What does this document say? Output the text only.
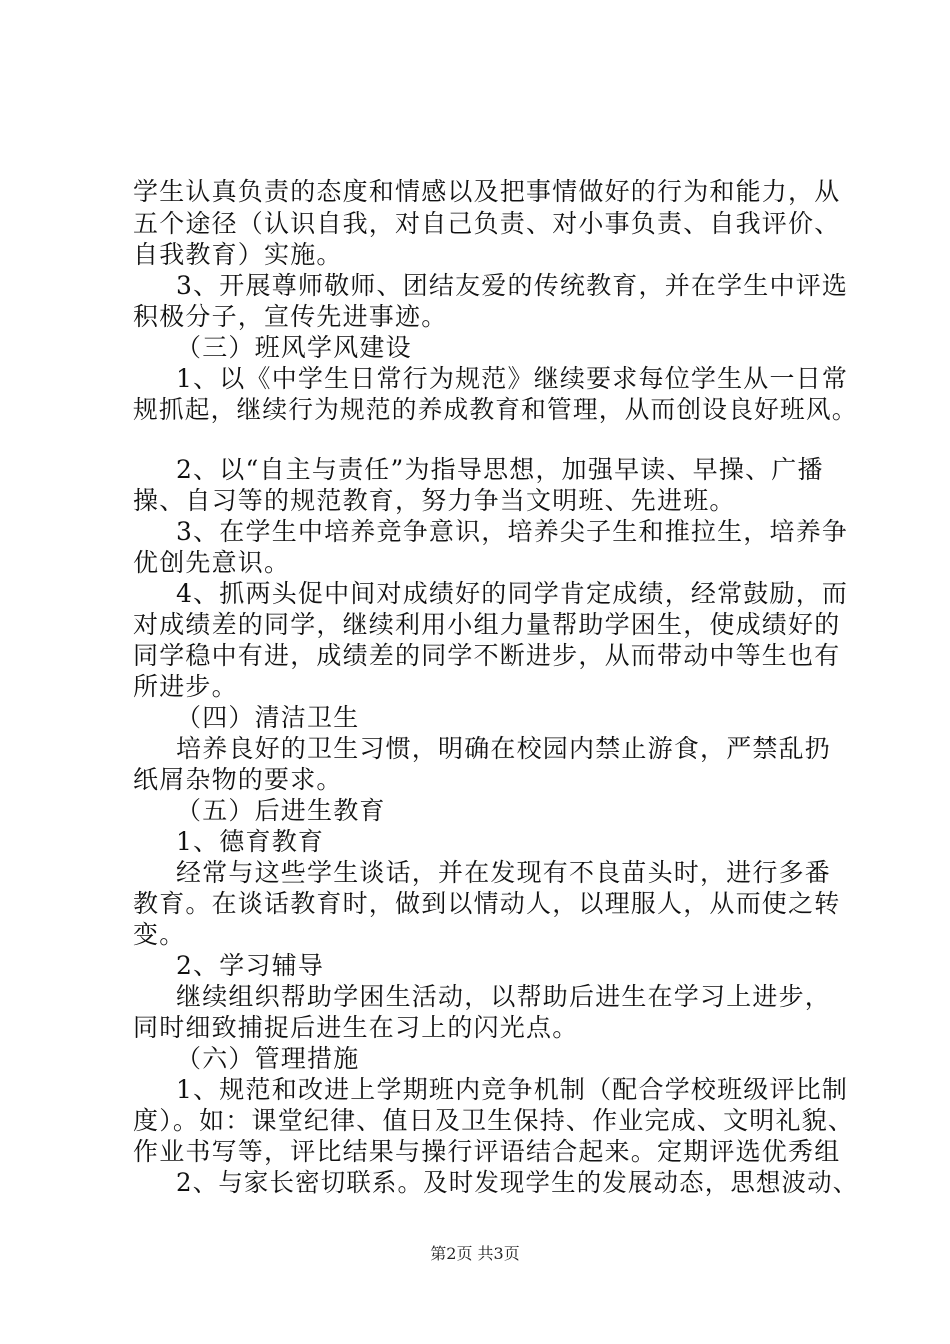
学生认真负责的态度和情感以及把事情做好的行为和能力，从
五个途径（认识自我，对自己负责、对小事负责、自我评价、
自我教育）实施。
3、开展尊师敬师、团结友爱的传统教育，并在学生中评选
积极分子，宣传先进事迹。
（三）班风学风建设
1、以《中学生日常行为规范》继续要求每位学生从一日常
规抓起，继续行为规范的养成教育和管理，从而创设良好班风。
2、以“自主与责任”为指导思想，加强早读、早操、广播
操、自习等的规范教育，努力争当文明班、先进班。
3、在学生中培养竞争意识，培养尖子生和推拉生，培养争
优创先意识。
4、抓两头促中间对成绩好的同学肯定成绩，经常鼓励，而
对成绩差的同学，继续利用小组力量帮助学困生，使成绩好的
同学稳中有进，成绩差的同学不断进步，从而带动中等生也有
所进步。
（四）清洁卫生
培养良好的卫生习惯，明确在校园内禁止游食，严禁乱扔
纸屑杂物的要求。
（五）后进生教育
1、德育教育
经常与这些学生谈话，并在发现有不良苗头时，进行多番
教育。在谈话教育时，做到以情动人，以理服人，从而使之转
变。
2、学习辅导
继续组织帮助学困生活动，以帮助后进生在学习上进步，
同时细致捕捉后进生在习上的闪光点。
（六）管理措施
1、规范和改进上学期班内竞争机制（配合学校班级评比制
度）。如：课堂纪律、值日及卫生保持、作业完成、文明礼貌、
作业书写等，评比结果与操行评语结合起来。定期评选优秀组
2、与家长密切联系。及时发现学生的发展动态，思想波动、
第2页 共3页
